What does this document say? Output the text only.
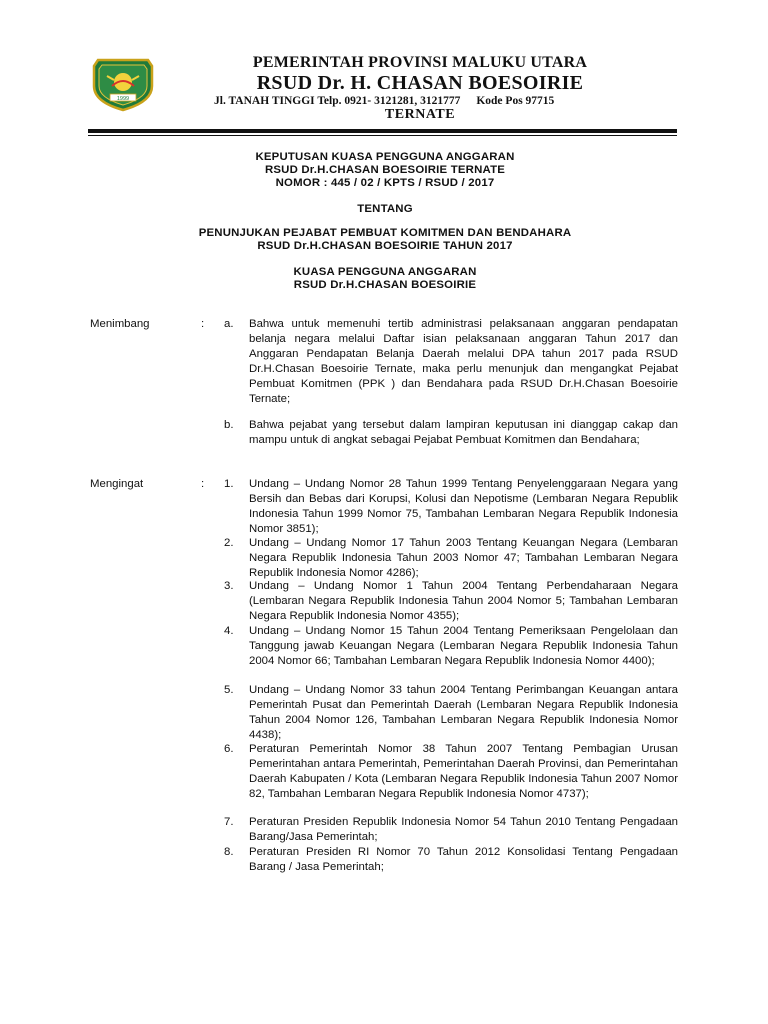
1999
PEMERINTAH PROVINSI MALUKU UTARA
RSUD Dr. H. CHASAN BOESOIRIE
Jl. TANAH TINGGI Telp. 0921- 3121281, 3121777 Kode Pos 97715
TERNATE
KEPUTUSAN KUASA PENGGUNA ANGGARAN
RSUD Dr.H.CHASAN BOESOIRIE TERNATE
NOMOR : 445 / 02 / KPTS / RSUD / 2017
TENTANG
PENUNJUKAN PEJABAT PEMBUAT KOMITMEN DAN BENDAHARA
RSUD Dr.H.CHASAN BOESOIRIE TAHUN 2017
KUASA PENGGUNA ANGGARAN
RSUD Dr.H.CHASAN BOESOIRIE
Menimbang	: a. Bahwa untuk memenuhi tertib administrasi pelaksanaan anggaran pendapatan belanja negara melalui Daftar isian pelaksanaan anggaran Tahun 2017 dan Anggaran Pendapatan Belanja Daerah melalui DPA tahun 2017 pada RSUD Dr.H.Chasan Boesoirie Ternate, maka perlu menunjuk dan mengangkat Pejabat Pembuat Komitmen (PPK ) dan Bendahara pada RSUD Dr.H.Chasan Boesoirie Ternate;
b. Bahwa pejabat yang tersebut dalam lampiran keputusan ini dianggap cakap dan mampu untuk di angkat sebagai Pejabat Pembuat Komitmen dan Bendahara;
Mengingat	: 1. Undang – Undang Nomor 28 Tahun 1999 Tentang Penyelenggaraan Negara yang Bersih dan Bebas dari Korupsi, Kolusi dan Nepotisme (Lembaran Negara Republik Indonesia Tahun 1999 Nomor 75, Tambahan Lembaran Negara Republik Indonesia Nomor 3851);
2. Undang – Undang Nomor 17 Tahun 2003 Tentang Keuangan Negara (Lembaran Negara Republik Indonesia Tahun 2003 Nomor 47; Tambahan Lembaran Negara Republik Indonesia Nomor 4286);
3. Undang – Undang Nomor 1 Tahun 2004 Tentang Perbendaharaan Negara (Lembaran Negara Republik Indonesia Tahun 2004 Nomor 5; Tambahan Lembaran Negara Republik Indonesia Nomor 4355);
4. Undang – Undang Nomor 15 Tahun 2004 Tentang Pemeriksaan Pengelolaan dan Tanggung jawab Keuangan Negara (Lembaran Negara Republik Indonesia Tahun 2004 Nomor 66; Tambahan Lembaran Negara Republik Indonesia Nomor 4400);
5. Undang – Undang Nomor 33 tahun 2004 Tentang Perimbangan Keuangan antara Pemerintah Pusat dan Pemerintah Daerah (Lembaran Negara Republik Indonesia Tahun 2004 Nomor 126, Tambahan Lembaran Negara Republik Indonesia Nomor 4438);
6. Peraturan Pemerintah Nomor 38 Tahun 2007 Tentang Pembagian Urusan Pemerintahan antara Pemerintah, Pemerintahan Daerah Provinsi, dan Pemerintahan Daerah Kabupaten / Kota (Lembaran Negara Republik Indonesia Tahun 2007 Nomor 82, Tambahan Lembaran Negara Republik Indonesia Nomor 4737);
7. Peraturan Presiden Republik Indonesia Nomor 54 Tahun 2010 Tentang Pengadaan Barang/Jasa Pemerintah;
8. Peraturan Presiden RI Nomor 70 Tahun 2012 Konsolidasi Tentang Pengadaan Barang / Jasa Pemerintah;
